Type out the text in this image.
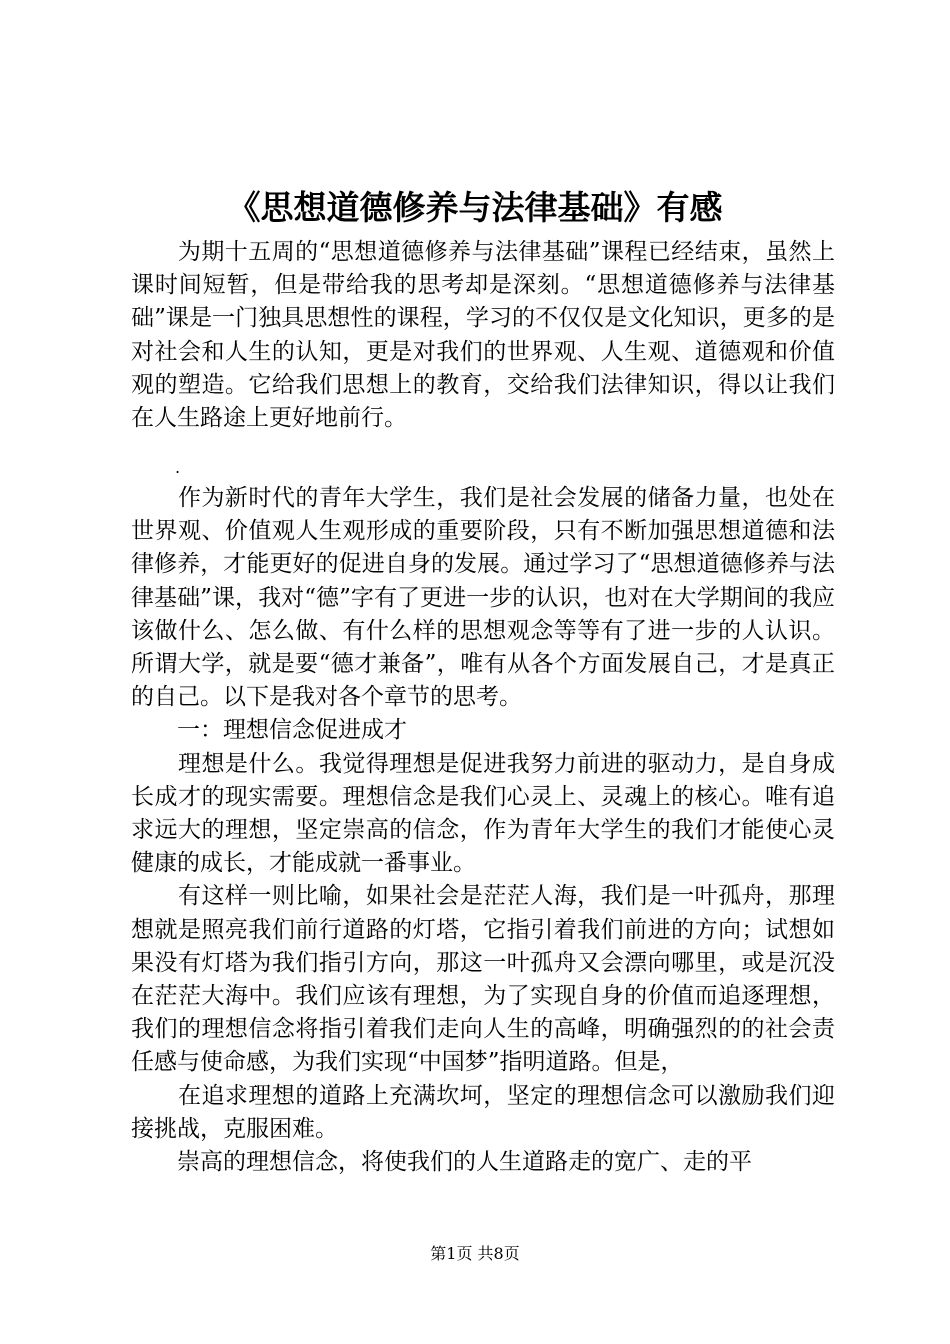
《思想道德修养与法律基础》有感
　　为期十五周的“思想道德修养与法律基础”课程已经结束，虽然上课时间短暂，但是带给我的思考却是深刻。“思想道德修养与法律基础”课是一门独具思想性的课程，学习的不仅仅是文化知识，更多的是对社会和人生的认知，更是对我们的世界观、人生观、道德观和价值观的塑造。它给我们思想上的教育，交给我们法律知识，得以让我们在人生路途上更好地前行。
.
　　作为新时代的青年大学生，我们是社会发展的储备力量，也处在世界观、价值观人生观形成的重要阶段，只有不断加强思想道德和法律修养，才能更好的促进自身的发展。通过学习了“思想道德修养与法律基础”课，我对“德”字有了更进一步的认识，也对在大学期间的我应该做什么、怎么做、有什么样的思想观念等等有了进一步的人认识。所谓大学，就是要“德才兼备”，唯有从各个方面发展自己，才是真正的自己。以下是我对各个章节的思考。
　　一：理想信念促进成才
　　理想是什么。我觉得理想是促进我努力前进的驱动力，是自身成长成才的现实需要。理想信念是我们心灵上、灵魂上的核心。唯有追求远大的理想，坚定崇高的信念，作为青年大学生的我们才能使心灵健康的成长，才能成就一番事业。
　　有这样一则比喻，如果社会是茫茫人海，我们是一叶孤舟，那理想就是照亮我们前行道路的灯塔，它指引着我们前进的方向；试想如果没有灯塔为我们指引方向，那这一叶孤舟又会漂向哪里，或是沉没在茫茫大海中。我们应该有理想，为了实现自身的价值而追逐理想，我们的理想信念将指引着我们走向人生的高峰，明确强烈的的社会责任感与使命感，为我们实现“中国梦”指明道路。但是，
　　在追求理想的道路上充满坎坷，坚定的理想信念可以激励我们迎接挑战，克服困难。
　　崇高的理想信念，将使我们的人生道路走的宽广、走的平
第1页 共8页
